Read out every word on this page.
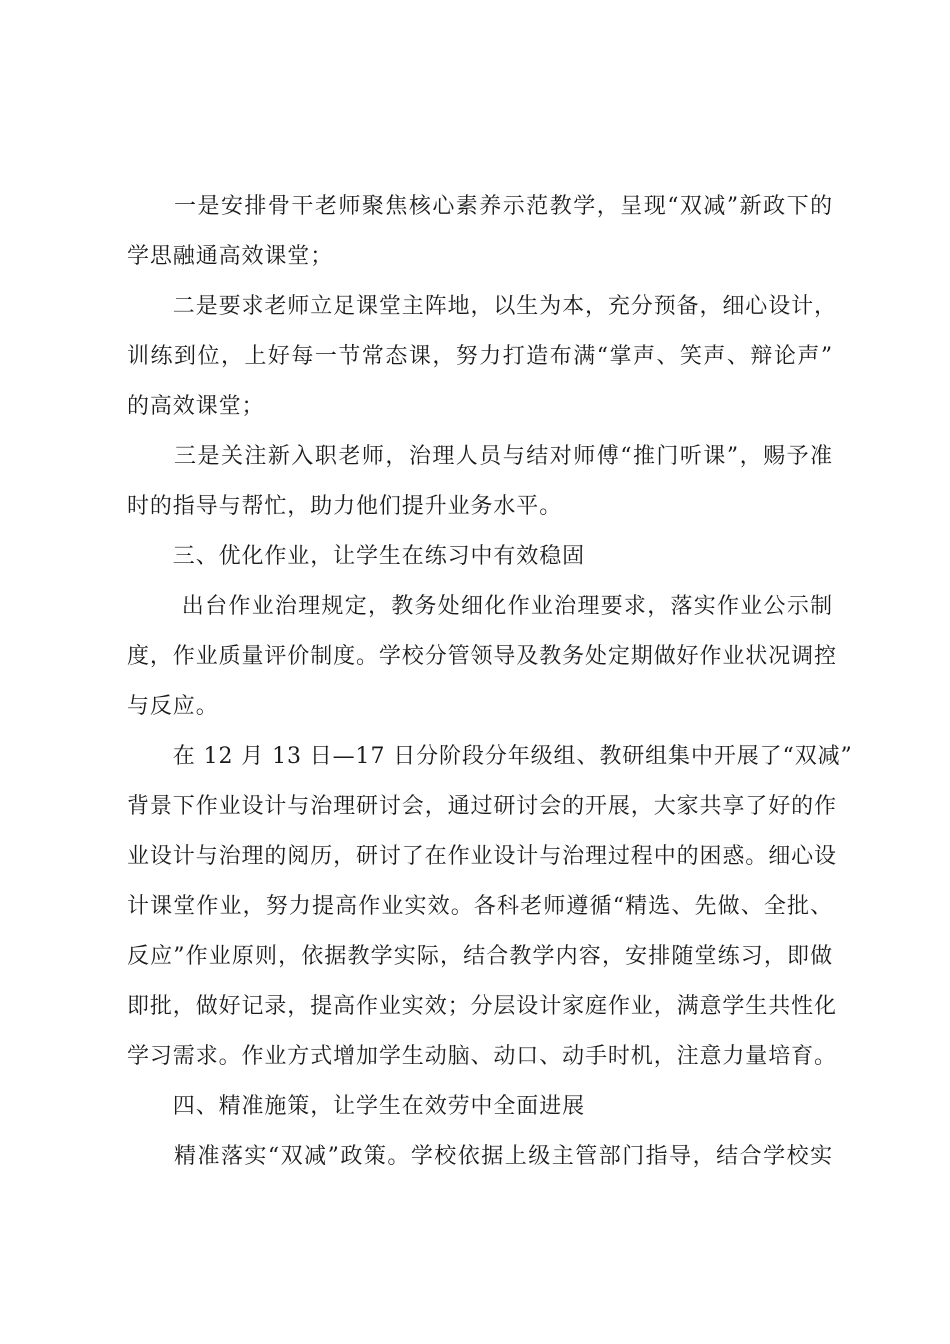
　　一是安排骨干老师聚焦核心素养示范教学，呈现“双减”新政下的
学思融通高效课堂；
　　二是要求老师立足课堂主阵地，以生为本，充分预备，细心设计，
训练到位，上好每一节常态课，努力打造布满“掌声、笑声、辩论声”
的高效课堂；
　　三是关注新入职老师，治理人员与结对师傅“推门听课”，赐予准
时的指导与帮忙，助力他们提升业务水平。
　　三、优化作业，让学生在练习中有效稳固
　　 出台作业治理规定，教务处细化作业治理要求，落实作业公示制
度，作业质量评价制度。学校分管领导及教务处定期做好作业状况调控
与反应。
　　在 12 月 13 日—17 日分阶段分年级组、教研组集中开展了“双减”
背景下作业设计与治理研讨会，通过研讨会的开展，大家共享了好的作
业设计与治理的阅历，研讨了在作业设计与治理过程中的困惑。细心设
计课堂作业，努力提高作业实效。各科老师遵循“精选、先做、全批、
反应”作业原则，依据教学实际，结合教学内容，安排随堂练习，即做
即批，做好记录，提高作业实效；分层设计家庭作业，满意学生共性化
学习需求。作业方式增加学生动脑、动口、动手时机，注意力量培育。
　　四、精准施策，让学生在效劳中全面进展
　　精准落实“双减”政策。学校依据上级主管部门指导，结合学校实
